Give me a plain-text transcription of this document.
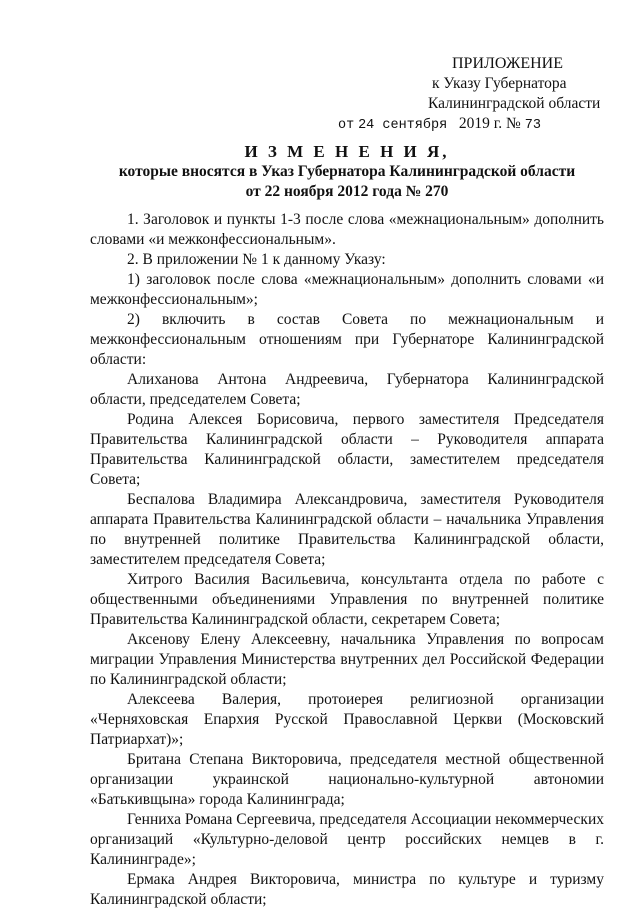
ПРИЛОЖЕНИЕ
к Указу Губернатора
Калининградской области
от 24 сентября 2019 г. № 73
И З М Е Н Е Н И Я,
которые вносятся в Указ Губернатора Калининградской области
от 22 ноября 2012 года № 270

1. Заголовок и пункты 1-3 после слова «межнациональным» дополнить словами «и межконфессиональным».

2. В приложении № 1 к данному Указу:

1) заголовок после слова «межнациональным» дополнить словами «и межконфессиональным»;

2) включить в состав Совета по межнациональным и межконфессиональным отношениям при Губернаторе Калининградской области:

Алиханова Антона Андреевича, Губернатора Калининградской области, председателем Совета;

Родина Алексея Борисовича, первого заместителя Председателя Правительства Калининградской области – Руководителя аппарата Правительства Калининградской области, заместителем председателя Совета;

Беспалова Владимира Александровича, заместителя Руководителя аппарата Правительства Калининградской области – начальника Управления по внутренней политике Правительства Калининградской области, заместителем председателя Совета;

Хитрого Василия Васильевича, консультанта отдела по работе с общественными объединениями Управления по внутренней политике Правительства Калининградской области, секретарем Совета;

Аксенову Елену Алексеевну, начальника Управления по вопросам миграции Управления Министерства внутренних дел Российской Федерации по Калининградской области;

Алексеева Валерия, протоиерея религиозной организации «Черняховская Епархия Русской Православной Церкви (Московский Патриархат)»;

Британа Степана Викторовича, председателя местной общественной организации украинской национально-культурной автономии «Батькивщына» города Калининграда;

Генниха Романа Сергеевича, председателя Ассоциации некоммерческих организаций «Культурно-деловой центр российских немцев в г. Калининграде»;

Ермака Андрея Викторовича, министра по культуре и туризму Калининградской области;
